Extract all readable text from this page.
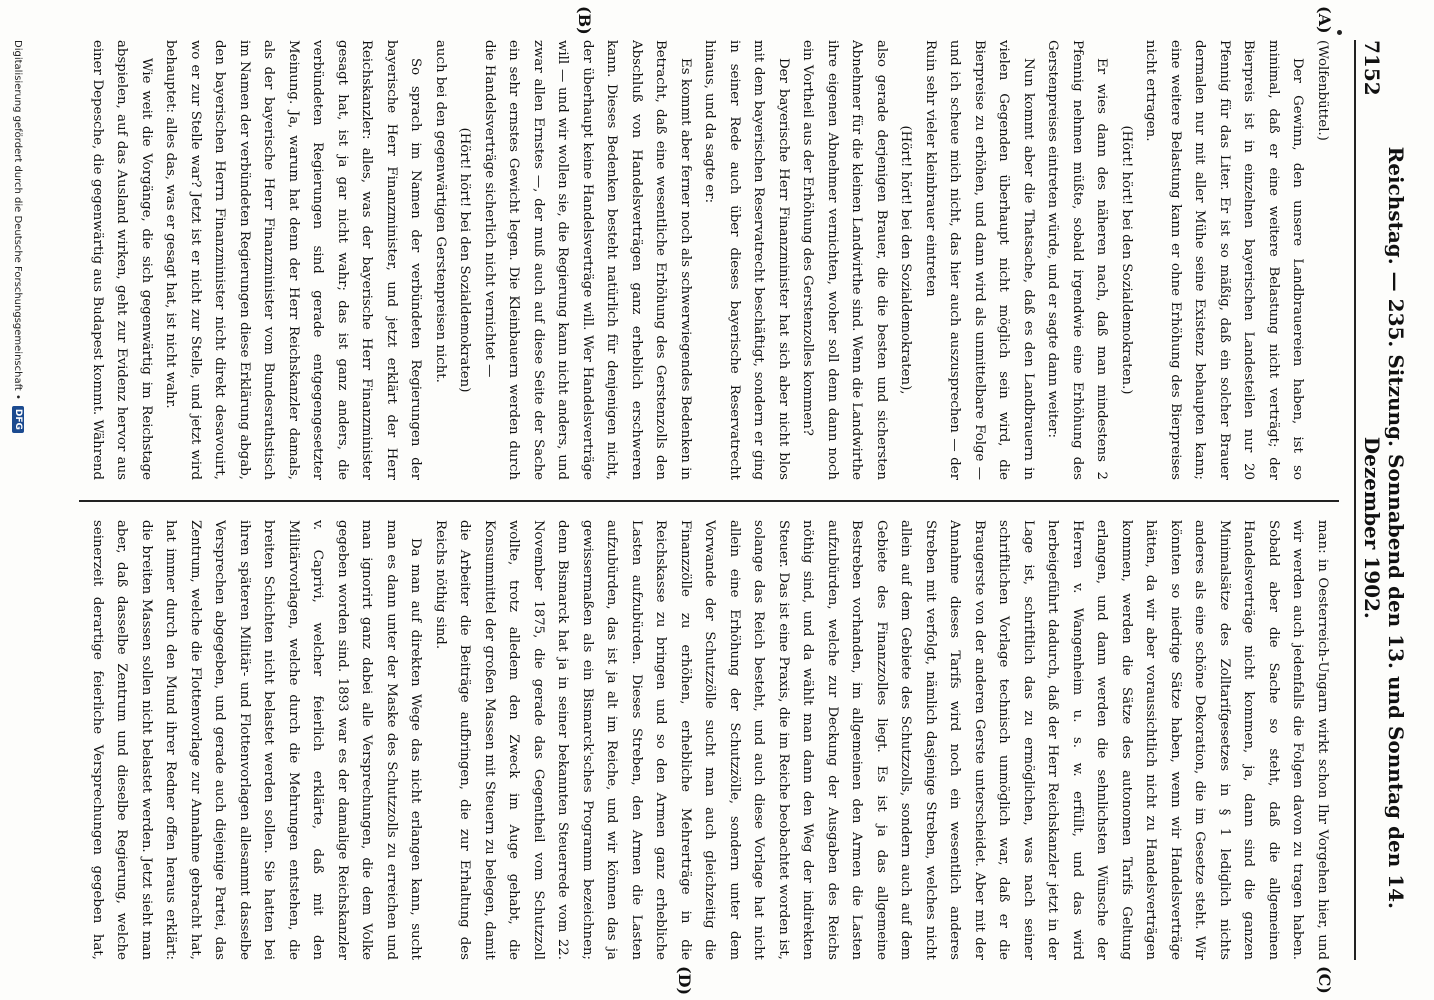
7152
Reichstag. — 235. Sitzung. Sonnabend den 13. und Sonntag den 14. Dezember 1902.
(A)
(B)
(C)
(D)

(Wolfenbüttel.)

Der Gewinn, den unsere Landbrauereien haben, ist so minimal, daß er eine weitere Belastung nicht verträgt; der Bierpreis ist in einzelnen bayerischen Landesteilen nur 20 Pfennig für das Liter. Er ist so mäßig, daß ein solcher Brauer dermalen nur mit aller Mühe seine Existenz behaupten kann; eine weitere Belastung kann er ohne Erhöhung des Bierpreises nicht ertragen.

(Hört! hört! bei den Sozialdemokraten.)

Er wies dann des näheren nach, daß man mindestens 2 Pfennig nehmen müßte, sobald irgendwie eine Erhöhung des Gerstenpreises eintreten würde, und er sagte dann weiter:

Nun kommt aber die Thatsache, daß es den Landbrauern in vielen Gegenden überhaupt nicht möglich sein wird, die Bierpreise zu erhöhen, und dann wird als unmittelbare Folge — und ich scheue mich nicht, das hier auch auszusprechen — der Ruin sehr vieler kleinbrauer eintreten

(Hört! hört! bei den Sozialdemokraten),

also gerade derjenigen Brauer, die die besten und sichersten Abnehmer für die kleinen Landwirthe sind. Wenn die Landwirthe ihre eigenen Abnehmer vernichten, woher soll denn dann noch ein Vortheil aus der Erhöhung des Gerstenzolles kommen?

Der bayerische Herr Finanzminister hat sich aber nicht blos mit dem bayerischen Reservatrecht beschäftigt, sondern er ging in seiner Rede auch über dieses bayerische Reservatrecht hinaus, und da sagte er:

Es kommt aber ferner noch als schwerwiegendes Bedenken in Betracht, daß eine wesentliche Erhöhung des Gerstenzolls den Abschluß von Handelsverträgen ganz erheblich erschweren kann. Dieses Bedenken besteht natürlich für denjenigen nicht, der überhaupt keine Handelsverträge will. Wer Handelsverträge will — und wir wollen sie, die Regierung kann nicht anders, und zwar allen Ernstes —, der muß auch auf diese Seite der Sache ein sehr ernstes Gewicht legen. Die Kleinbauern werden durch die Handelsverträge sicherlich nicht vernichtet —

(Hört! hört! bei den Sozialdemokraten)

auch bei den gegenwärtigen Gerstenpreisen nicht.

So sprach im Namen der verbündeten Regierungen der bayerische Herr Finanzminister, und jetzt erklärt der Herr Reichskanzler: alles, was der bayerische Herr Finanzminister gesagt hat, ist ja gar nicht wahr; das ist ganz anders, die verbündeten Regierungen sind gerade entgegengesetzter Meinung. Ja, warum hat denn der Herr Reichskanzler damals, als der bayerische Herr Finanzminister vom Bundesrathstisch im Namen der verbündeten Regierungen diese Erklärung abgab, den bayerischen Herrn Finanzminister nicht direkt desavouirt, wo er zur Stelle war? Jetzt ist er nicht zur Stelle, und jetzt wird behauptet: alles das, was er gesagt hat, ist nicht wahr.

Wie weit die Vorgänge, die sich gegenwärtig im Reichstage abspielen, auf das Ausland wirken, geht zur Evidenz hervor aus einer Depesche, die gegenwärtig aus Budapest kommt. Während

man: in Oesterreich-Ungarn wirkt schon Ihr Vorgehen hier, und wir werden auch jedenfalls die Folgen davon zu tragen haben. Sobald aber die Sache so steht, daß die allgemeinen Handelsverträge nicht kommen, ja, dann sind die ganzen Minimalsätze des Zolltarifgesetzes in § 1 lediglich nichts anderes als eine schöne Dekoration, die im Gesetze steht. Wir könnten so niedrige Sätze haben, wenn wir Handelsverträge hätten, da wir aber voraussichtlich nicht zu Handelsverträgen kommen, werden die Sätze des autonomen Tarifs Geltung erlangen, und dann werden die sehnlichsten Wünsche der Herren v. Wangenheim u. s. w. erfüllt, und das wird herbeigeführt dadurch, daß der Herr Reichskanzler jetzt in der Lage ist, schriftlich das zu ermöglichen, was nach seiner schriftlichen Vorlage technisch unmöglich war, daß er die Braugerste von der anderen Gerste unterscheidet. Aber mit der Annahme dieses Tarifs wird noch ein wesentlich anderes Streben mit verfolgt, nämlich dasjenige Streben, welches nicht allein auf dem Gebiete des Schutzzolls, sondern auch auf dem Gebiete des Finanzzolles liegt. Es ist ja das allgemeine Bestreben vorhanden, im allgemeinen den Armen die Lasten aufzubürden, welche zur Deckung der Ausgaben des Reichs nöthig sind, und da wählt man dann den Weg der indirekten Steuer. Das ist eine Praxis, die im Reiche beobachtet worden ist, solange das Reich besteht, und auch diese Vorlage hat nicht allein eine Erhöhung der Schutzzölle, sondern unter dem Vorwande der Schutzzölle sucht man auch gleichzeitig die Finanzzölle zu erhöhen, erhebliche Mehrerträge in die Reichskasse zu bringen und so den Armen ganz erhebliche Lasten aufzubürden. Dieses Streben, den Armen die Lasten aufzubürden, das ist ja alt im Reiche, und wir können das ja gewissermaßen als ein Bismarck'sches Programm bezeichnen; denn Bismarck hat ja in seiner bekannten Steuerrede vom 22. November 1875, die gerade das Gegentheil vom Schutzzoll wollte, trotz alledem den Zweck im Auge gehabt, die Konsummittel der großen Massen mit Steuern zu belegen, damit die Arbeiter die Beiträge aufbringen, die zur Erhaltung des Reichs nöthig sind.

Da man auf direkten Wege das nicht erlangen kann, sucht man es dann unter der Maske des Schutzzolls zu erreichen und man ignorirt ganz dabei alle Versprechungen, die dem Volke gegeben worden sind. 1893 war es der damalige Reichskanzler v. Caprivi, welcher feierlich erklärte, daß mit den Militärvorlagen, welche durch die Mehrungen entstehen, die breiten Schichten nicht belastet werden sollen. Sie hatten bei ihren späteren Militär- und Flottenvorlagen allesammt dasselbe Versprechen abgegeben, und gerade auch diejenige Partei, das Zentrum, welche die Flottenvorlage zur Annahme gebracht hat, hat immer durch den Mund ihrer Redner offen heraus erklärt: die breiten Massen sollen nicht belastet werden. Jetzt sieht man aber, daß dasselbe Zentrum und dieselbe Regierung, welche seinerzeit derartige feierliche Versprechungen gegeben hat,

Digitalisierung gefördert durch die Deutsche Forschungsgemeinschaft •
DFG
